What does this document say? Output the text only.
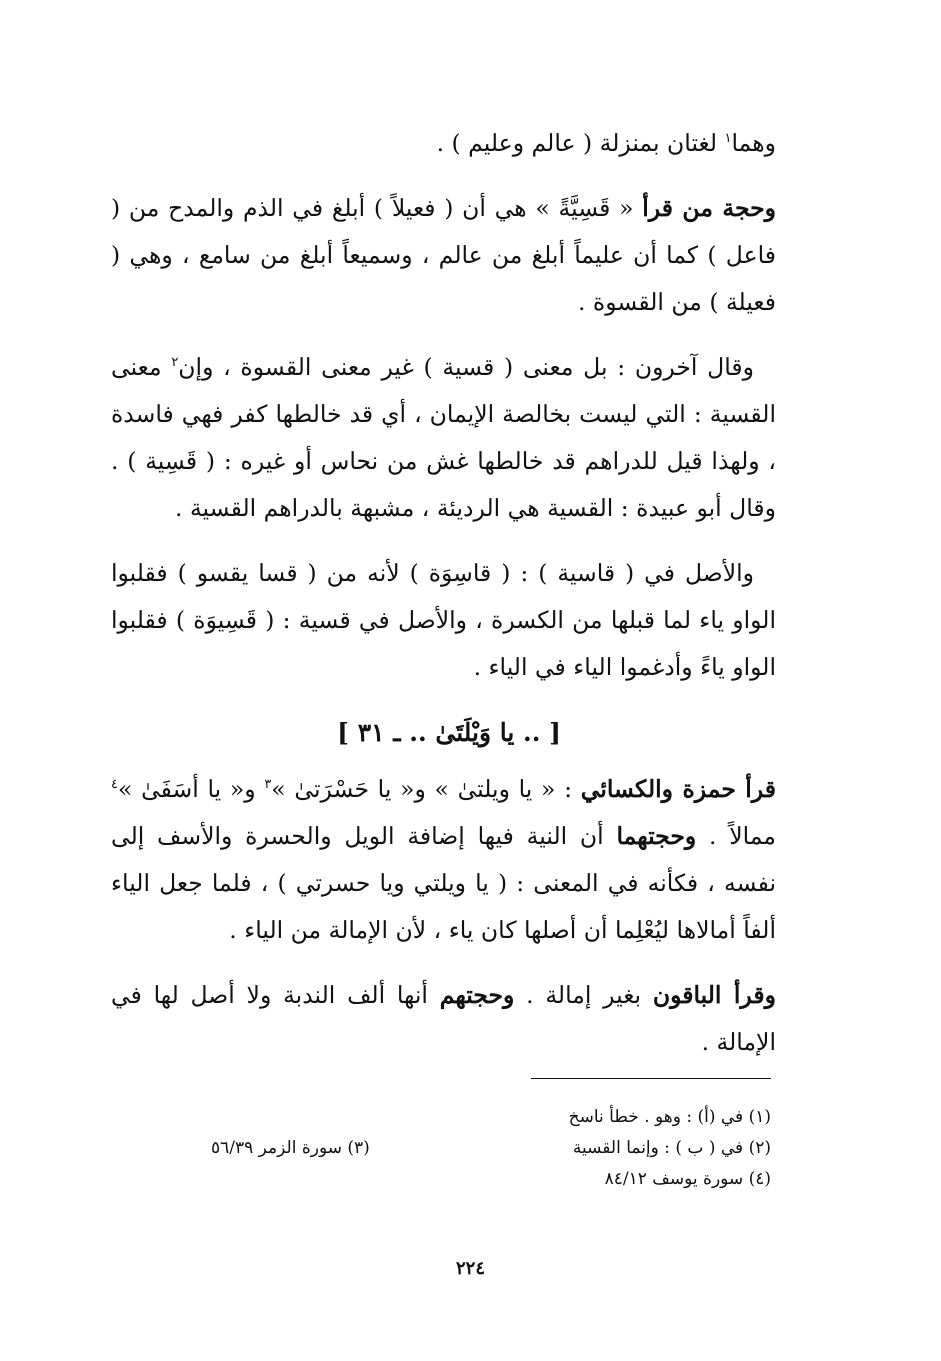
وهما$^١$ لغتان بمنزلة ( عالم وعليم ) .

وحجة من قرأ « قَسِيَّةً » هي أن ( فعيلاً ) أبلغ في الذم والمدح من ( فاعل ) كما أن عليماً أبلغ من عالم ، وسميعاً أبلغ من سامع ، وهي ( فعيلة ) من القسوة .

وقال آخرون : بل معنى ( قسية ) غير معنى القسوة ، وإن$^٢$ معنى القسية : التي ليست بخالصة الإيمان ، أي قد خالطها كفر فهي فاسدة ، ولهذا قيل للدراهم قد خالطها غش من نحاس أو غيره : ( قَسِية ) . وقال أبو عبيدة : القسية هي الرديئة ، مشبهة بالدراهم القسية .

والأصل في ( قاسية ) : ( قاسِوَة ) لأنه من ( قسا يقسو ) فقلبوا الواو ياء لما قبلها من الكسرة ، والأصل في قسية : ( قَسِيوَة ) فقلبوا الواو ياءً وأدغموا الياء في الياء .

[ .. يا وَيْلَتَىٰ .. ـ ٣١ ]

قرأ حمزة والكسائي : « يا ويلتىٰ » و« يا حَسْرَتىٰ »$^٣$ و« يا أسَفَىٰ »$^٤$ ممالاً . وحجتهما أن النية فيها إضافة الويل والحسرة والأسف إلى نفسه ، فكأنه في المعنى : ( يا ويلتي ويا حسرتي ) ، فلما جعل الياء ألفاً أمالاها ليُعْلِما أن أصلها كان ياء ، لأن الإمالة من الياء .

وقرأ الباقون بغير إمالة . وحجتهم أنها ألف الندبة ولا أصل لها في الإمالة .

(١) في (أ) : وهو . خطأ ناسخ
(٢) في ( ب ) : وإنما القسية
(٣) سورة الزمر ٥٦/٣٩
(٤) سورة يوسف ٨٤/١٢
٢٢٤
